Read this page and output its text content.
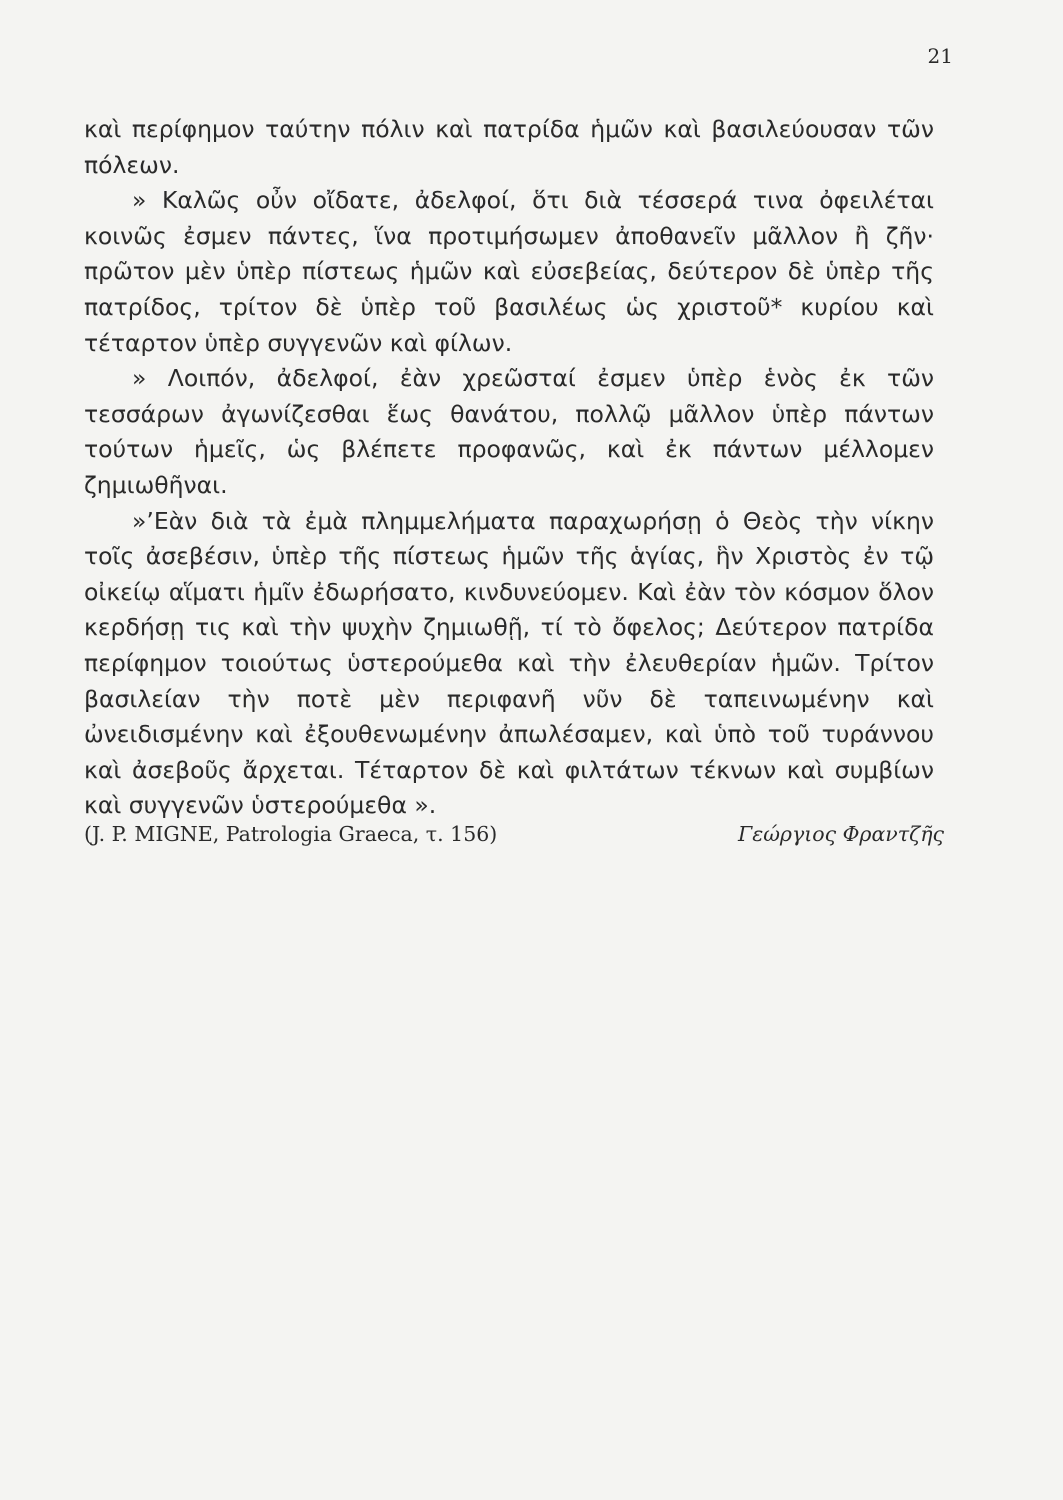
21

καὶ περίφημον ταύτην πόλιν καὶ πατρίδα ἡμῶν καὶ βασιλεύουσαν τῶν πόλεων.

» Καλῶς οὖν οἴδατε, ἀδελφοί, ὅτι διὰ τέσσερά τινα ὀφειλέται κοινῶς ἐσμεν πάντες, ἵνα προτιμήσωμεν ἀποθανεῖν μᾶλλον ἢ ζῆν· πρῶτον μὲν ὑπὲρ πίστεως ἡμῶν καὶ εὐσεβείας, δεύτερον δὲ ὑπὲρ τῆς πατρίδος, τρίτον δὲ ὑπὲρ τοῦ βασιλέως ὡς χριστοῦ* κυρίου καὶ τέταρτον ὑπὲρ συγγενῶν καὶ φίλων.

» Λοιπόν, ἀδελφοί, ἐὰν χρεῶσταί ἐσμεν ὑπὲρ ἑνὸς ἐκ τῶν τεσσάρων ἀγωνίζεσθαι ἕως θανάτου, πολλῷ μᾶλλον ὑπὲρ πάντων τούτων ἡμεῖς, ὡς βλέπετε προφανῶς, καὶ ἐκ πάντων μέλλομεν ζημιωθῆναι.

»’Εὰν διὰ τὰ ἐμὰ πλημμελήματα παραχωρήσῃ ὁ Θεὸς τὴν νίκην τοῖς ἀσεβέσιν, ὑπὲρ τῆς πίστεως ἡμῶν τῆς ἁγίας, ἣν Χριστὸς ἐν τῷ οἰκείῳ αἵματι ἡμῖν ἐδωρήσατο, κινδυνεύομεν. Καὶ ἐὰν τὸν κόσμον ὅλον κερδήσῃ τις καὶ τὴν ψυχὴν ζημιωθῇ, τί τὸ ὄφελος; Δεύτερον πατρίδα περίφημον τοιούτως ὑστερούμεθα καὶ τὴν ἐλευθερίαν ἡμῶν. Τρίτον βασιλείαν τὴν ποτὲ μὲν περιφανῆ νῦν δὲ ταπεινωμένην καὶ ὠνειδισμένην καὶ ἐξουθενωμένην ἀπωλέσαμεν, καὶ ὑπὸ τοῦ τυράννου καὶ ἀσεβοῦς ἄρχεται. Τέταρτον δὲ καὶ φιλτάτων τέκνων καὶ συμβίων καὶ συγγενῶν ὑστερούμεθα ».

(J. P. MIGNE, Patrologia Graeca, τ. 156)	Γεώργιος Φραντζῆς
